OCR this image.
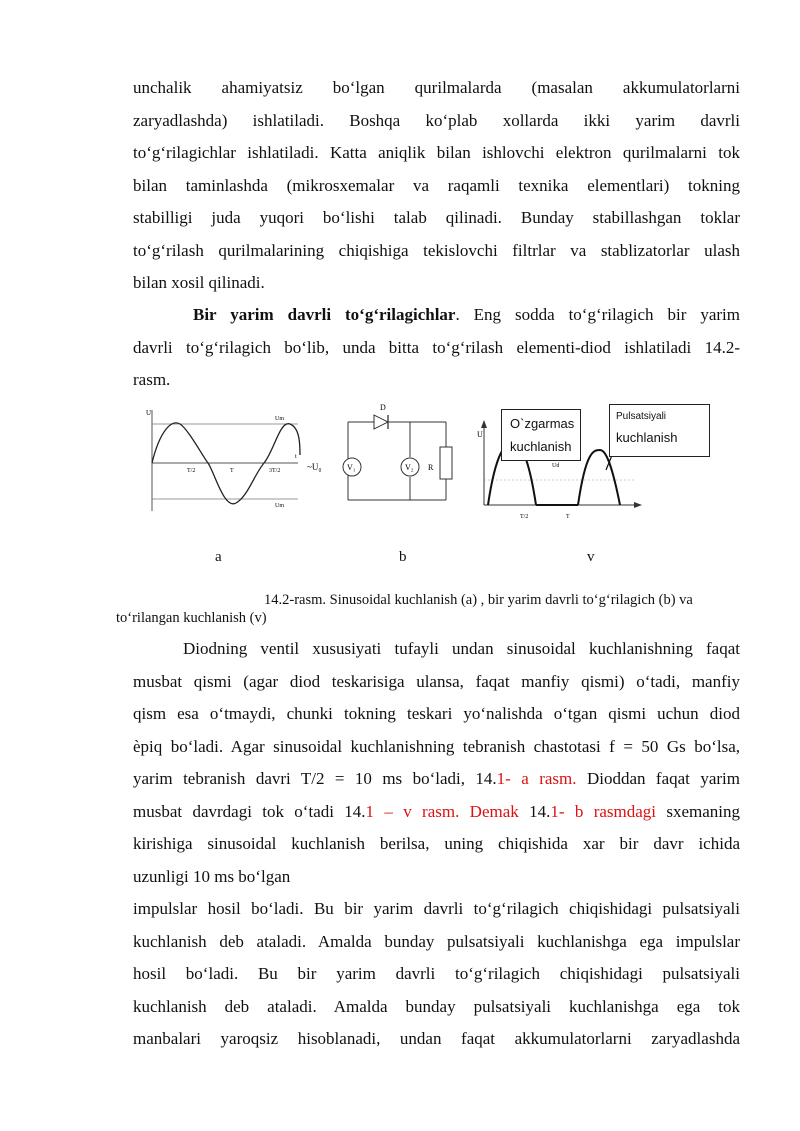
unchalik ahamiyatsiz bo‘lgan qurilmalarda (masalan akkumulatorlarni
zaryadlashda) ishlatiladi. Boshqa ko‘plab xollarda ikki yarim davrli
to‘g‘rilagichlar ishlatiladi. Katta aniqlik bilan ishlovchi elektron qurilmalarni tok
bilan taminlashda (mikrosxemalar va raqamli texnika elementlari) tokning
stabilligi juda yuqori bo‘lishi talab qilinadi. Bunday stabillashgan toklar
to‘g‘rilash qurilmalarining chiqishiga tekislovchi filtrlar va stablizatorlar ulash
bilan xosil qilinadi.
Bir yarim davrli to‘g‘rilagichlar. Eng sodda to‘g‘rilagich bir yarim
davrli to‘g‘rilagich bo‘lib, unda bitta to‘g‘rilash elementi-diod ishlatiladi 14.2-
rasm.
U
Um
Um
t
T/2	T	3T/2
D
~U₀	V₁	V₂ R
U
Ud
T/2	T
O`zgarmas
kuchlanish
Pulsatsiyali
kuchlanish
a	b	v
14.2-rasm. Sinusoidal kuchlanish (a) , bir yarim davrli to‘g‘rilagich (b) va
to‘rilangan kuchlanish (v)
Diodning ventil xususiyati tufayli undan sinusoidal kuchlanishning faqat
musbat qismi (agar diod teskarisiga ulansa, faqat manfiy qismi) o‘tadi, manfiy
qism esa o‘tmaydi, chunki tokning teskari yo‘nalishda o‘tgan qismi uchun diod
èpiq bo‘ladi. Agar sinusoidal kuchlanishning tebranish chastotasi f = 50 Gs bo‘lsa,
yarim tebranish davri T/2 = 10 ms bo‘ladi, 14.1- a rasm. Dioddan faqat yarim
musbat davrdagi tok o‘tadi 14.1 – v rasm. Demak 14.1- b rasmdagi sxemaning
kirishiga sinusoidal kuchlanish berilsa, uning chiqishida xar bir davr ichida
uzunligi 10 ms bo‘lgan
impulslar hosil bo‘ladi. Bu bir yarim davrli to‘g‘rilagich chiqishidagi pulsatsiyali
kuchlanish deb ataladi. Amalda bunday pulsatsiyali kuchlanishga ega impulslar
hosil bo‘ladi. Bu bir yarim davrli to‘g‘rilagich chiqishidagi pulsatsiyali
kuchlanish deb ataladi. Amalda bunday pulsatsiyali kuchlanishga ega tok
manbalari yaroqsiz hisoblanadi, undan faqat akkumulatorlarni zaryadlashda
